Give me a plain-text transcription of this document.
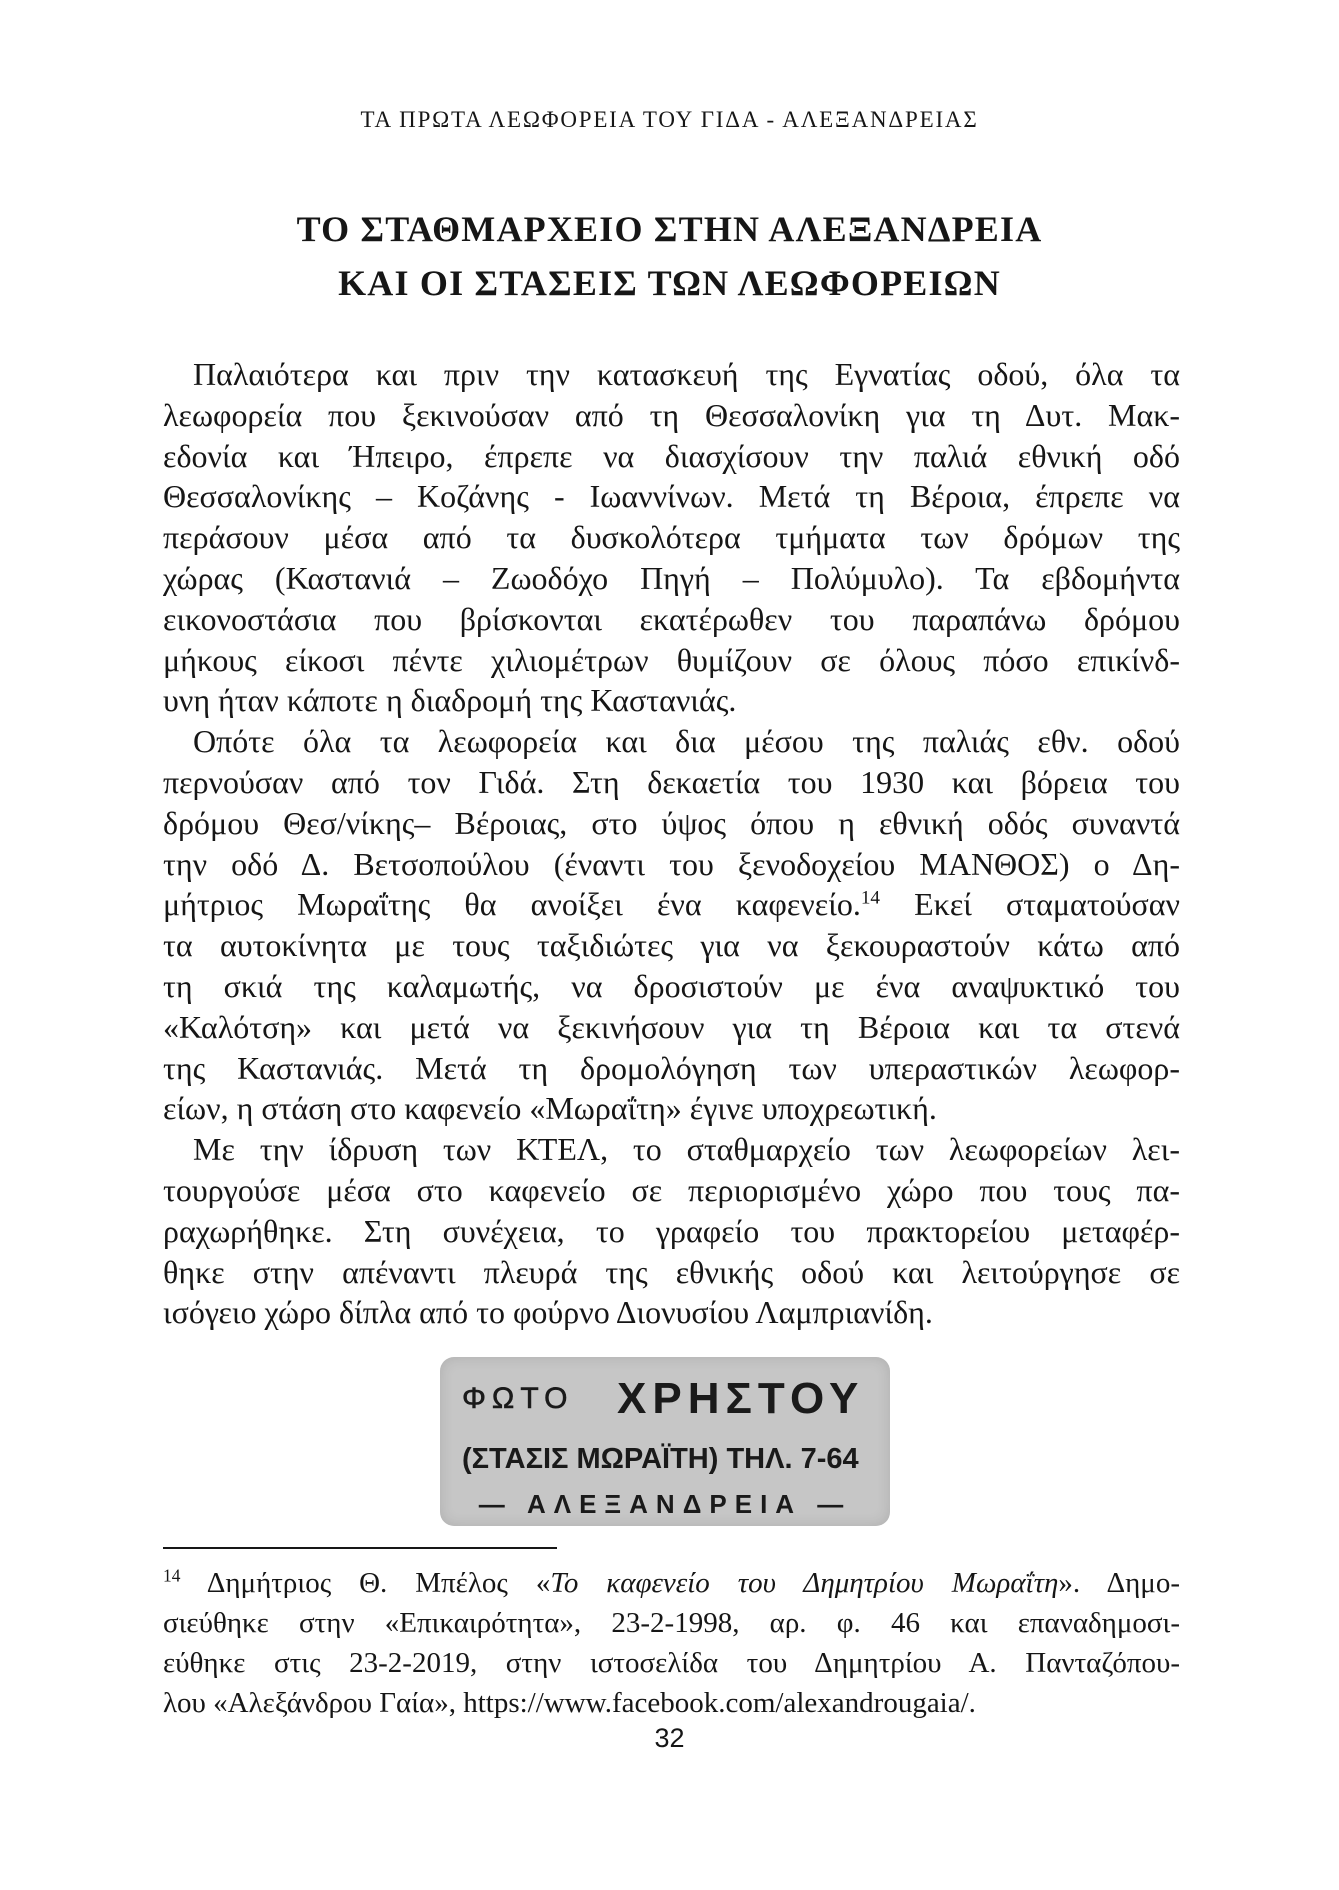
ΤΑ ΠΡΩΤΑ ΛΕΩΦΟΡΕΙΑ ΤΟΥ ΓΙΔΑ - ΑΛΕΞΑΝΔΡΕΙΑΣ
ΤΟ ΣΤΑΘΜΑΡΧΕΙΟ ΣΤΗΝ ΑΛΕΞΑΝΔΡΕΙΑ
ΚΑΙ ΟΙ ΣΤΑΣΕΙΣ ΤΩΝ ΛΕΩΦΟΡΕΙΩΝ

Παλαιότερα και πριν την κατασκευή της Εγνατίας οδού, όλα τα
λεωφορεία που ξεκινούσαν από τη Θεσσαλονίκη για τη Δυτ. Μακ-
εδονία και Ήπειρο, έπρεπε να διασχίσουν την παλιά εθνική οδό
Θεσσαλονίκης – Κοζάνης - Ιωαννίνων. Μετά τη Βέροια, έπρεπε να
περάσουν μέσα από τα δυσκολότερα τμήματα των δρόμων της
χώρας (Καστανιά – Ζωοδόχο Πηγή – Πολύμυλο). Τα εβδομήντα
εικονοστάσια που βρίσκονται εκατέρωθεν του παραπάνω δρόμου
μήκους είκοσι πέντε χιλιομέτρων θυμίζουν σε όλους πόσο επικίνδ-
υνη ήταν κάποτε η διαδρομή της Καστανιάς.

Οπότε όλα τα λεωφορεία και δια μέσου της παλιάς εθν. οδού
περνούσαν από τον Γιδά. Στη δεκαετία του 1930 και βόρεια του
δρόμου Θεσ/νίκης– Βέροιας, στο ύψος όπου η εθνική οδός συναντά
την οδό Δ. Βετσοπούλου (έναντι του ξενοδοχείου ΜΑΝΘΟΣ) ο Δη-
μήτριος Μωραΐτης θα ανοίξει ένα καφενείο.$^{14}$ Εκεί σταματούσαν
τα αυτοκίνητα με τους ταξιδιώτες για να ξεκουραστούν κάτω από
τη σκιά της καλαμωτής, να δροσιστούν με ένα αναψυκτικό του
«Καλότση» και μετά να ξεκινήσουν για τη Βέροια και τα στενά
της Καστανιάς. Μετά τη δρομολόγηση των υπεραστικών λεωφορ-
είων, η στάση στο καφενείο «Μωραΐτη» έγινε υποχρεωτική.

Με την ίδρυση των ΚΤΕΛ, το σταθμαρχείο των λεωφορείων λει-
τουργούσε μέσα στο καφενείο σε περιορισμένο χώρο που τους πα-
ραχωρήθηκε. Στη συνέχεια, το γραφείο του πρακτορείου μεταφέρ-
θηκε στην απέναντι πλευρά της εθνικής οδού και λειτούργησε σε
ισόγειο χώρο δίπλα από το φούρνο Διονυσίου Λαμπριανίδη.

ΦΩΤΟ ΧΡΗΣΤΟΥ
(ΣΤΑΣΙΣ ΜΩΡΑΪΤΗ) ΤΗΛ. 7-64
— ΑΛΕΞΑΝΔΡΕΙΑ —
$^{14}$ Δημήτριος Θ. Μπέλος «Το καφενείο του Δημητρίου Μωραΐτη». Δημο-
σιεύθηκε στην «Επικαιρότητα», 23-2-1998, αρ. φ. 46 και επαναδημοσι-
εύθηκε στις 23-2-2019, στην ιστοσελίδα του Δημητρίου Α. Πανταζόπου-
λου «Αλεξάνδρου Γαία», https://www.facebook.com/alexandrougaia/.
32
